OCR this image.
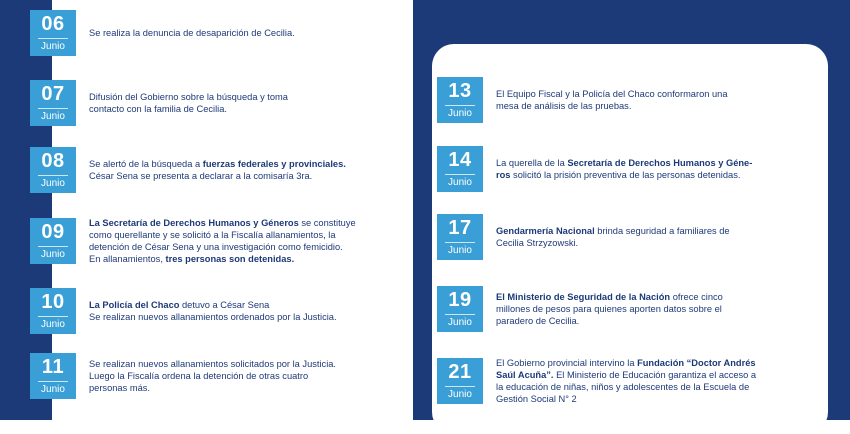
06
Junio
Se realiza la denuncia de desaparición de Cecilia.
07
Junio
Difusión del Gobierno sobre la búsqueda y toma
contacto con la familia de Cecilia.
08
Junio
Se alertó de la búsqueda a fuerzas federales y provinciales.
César Sena se presenta a declarar a la comisaría 3ra.
09
Junio
La Secretaría de Derechos Humanos y Géneros se constituye
como querellante y se solicitó a la Fiscalía allanamientos, la
detención de César Sena y una investigación como femicidio.
En allanamientos, tres personas son detenidas.
10
Junio
La Policía del Chaco detuvo a César Sena
Se realizan nuevos allanamientos ordenados por la Justicia.
11
Junio
Se realizan nuevos allanamientos solicitados por la Justicia.
Luego la Fiscalía ordena la detención de otras cuatro
personas más.
13
Junio
El Equipo Fiscal y la Policía del Chaco conformaron una
mesa de análisis de las pruebas.
14
Junio
La querella de la Secretaría de Derechos Humanos y Géne-
ros solicitó la prisión preventiva de las personas detenidas.
17
Junio
Gendarmería Nacional brinda seguridad a familiares de
Cecilia Strzyzowski.
19
Junio
El Ministerio de Seguridad de la Nación ofrece cinco
millones de pesos para quienes aporten datos sobre el
paradero de Cecilia.
21
Junio
El Gobierno provincial intervino la Fundación “Doctor Andrés
Saúl Acuña”. El Ministerio de Educación garantiza el acceso a
la educación de niñas, niños y adolescentes de la Escuela de
Gestión Social N° 2
